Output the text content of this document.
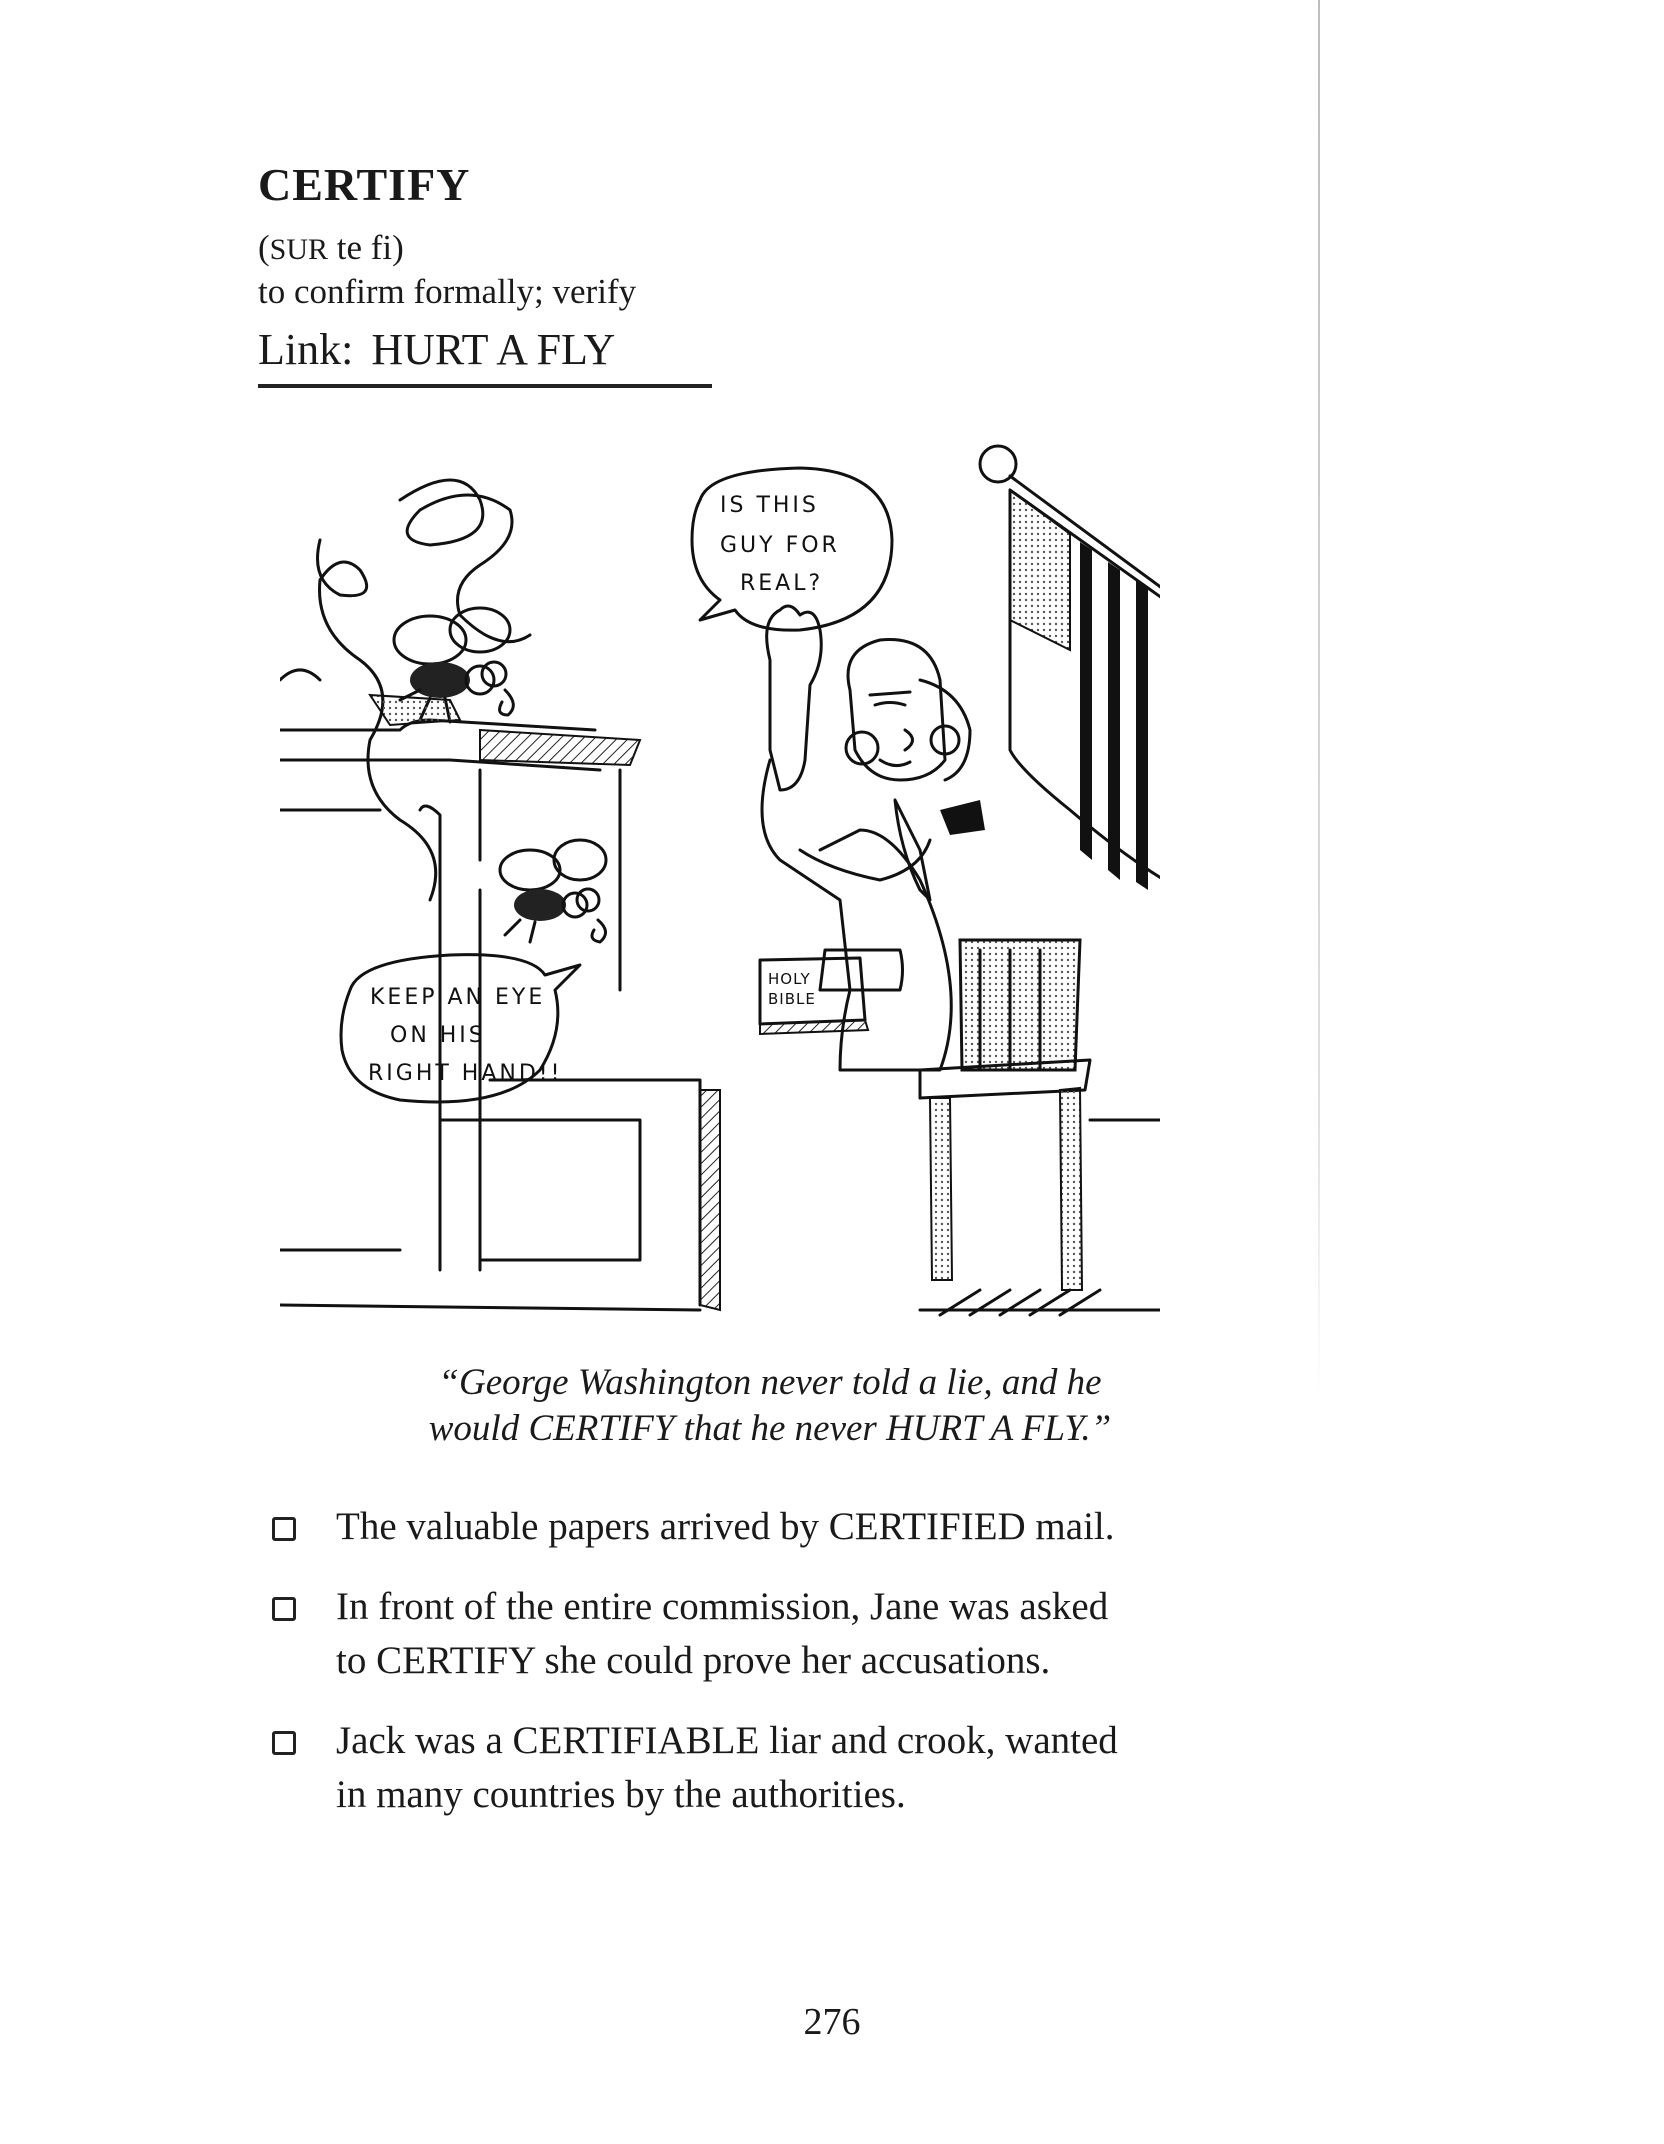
CERTIFY
(SUR te fi)
to confirm formally; verify
Link: HURT A FLY
IS THIS
GUY FOR
REAL?
KEEP AN EYE
ON HIS
RIGHT HAND!!
HOLY
BIBLE
“George Washington never told a lie, and he
would CERTIFY that he never HURT A FLY.”
The valuable papers arrived by CERTIFIED mail.
In front of the entire commission, Jane was asked
to CERTIFY she could prove her accusations.
Jack was a CERTIFIABLE liar and crook, wanted
in many countries by the authorities.
276
